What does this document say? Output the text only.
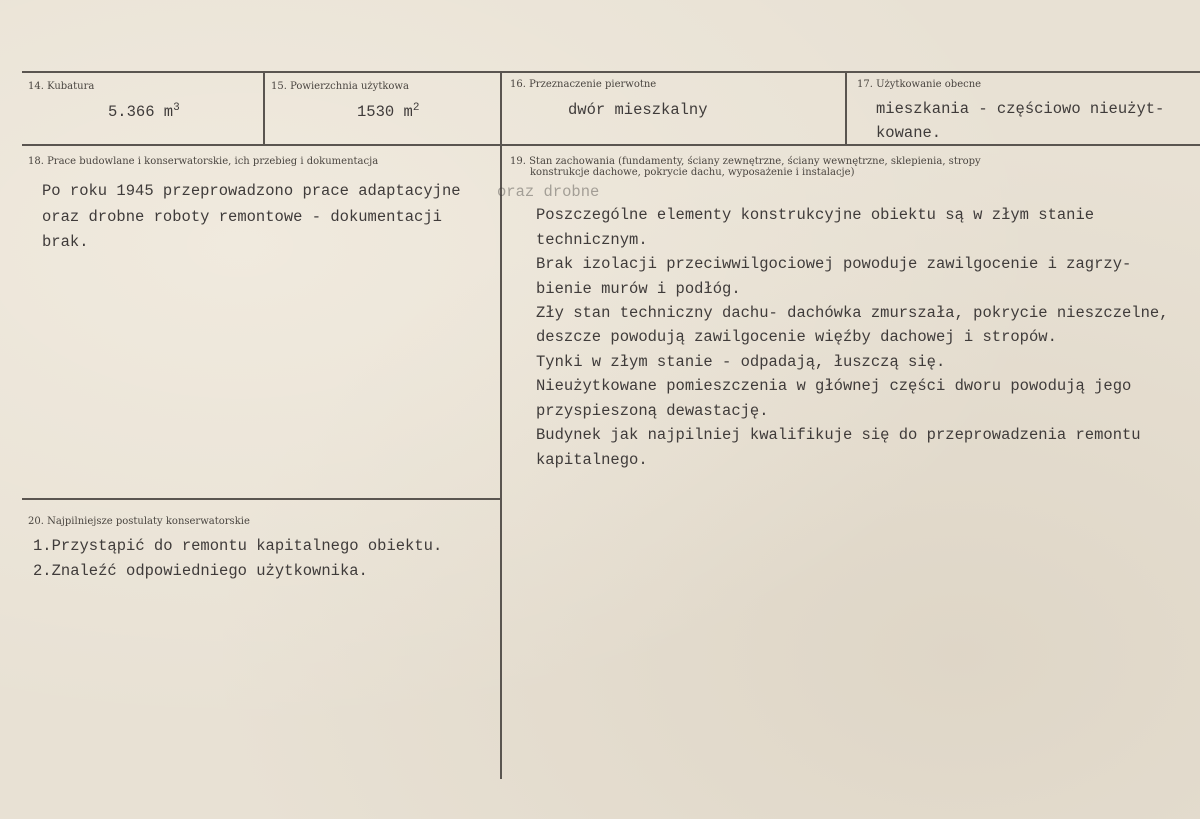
14. Kubatura
5.366 $m^3$
15. Powierzchnia użytkowa
1530 $m^2$
16. Przeznaczenie pierwotne
dwór mieszkalny
17. Użytkowanie obecne
mieszkania - częściowo nieużyt-
kowane.
18. Prace budowlane i konserwatorskie, ich przebieg i dokumentacja
Po roku 1945 przeprowadzono prace adaptacyjne oraz drobne
oraz drobne roboty remontowe - dokumentacji
brak.
19. Stan zachowania (fundamenty, ściany zewnętrzne, ściany wewnętrzne, sklepienia, stropy
konstrukcje dachowe, pokrycie dachu, wyposażenie i instalacje)
Poszczególne elementy konstrukcyjne obiektu są w złym stanie
technicznym.
Brak izolacji przeciwwilgociowej powoduje zawilgocenie i zagrzy-
bienie murów i podłóg.
Zły stan techniczny dachu- dachówka zmurszała, pokrycie nieszczelne,
deszcze powodują zawilgocenie więźby dachowej i stropów.
Tynki w złym stanie - odpadają, łuszczą się.
Nieużytkowane pomieszczenia w głównej części dworu powodują jego
przyspieszoną dewastację.
Budynek jak najpilniej kwalifikuje się do przeprowadzenia remontu
kapitalnego.
20. Najpilniejsze postulaty konserwatorskie
1.Przystąpić do remontu kapitalnego obiektu.
2.Znaleźć odpowiedniego użytkownika.
